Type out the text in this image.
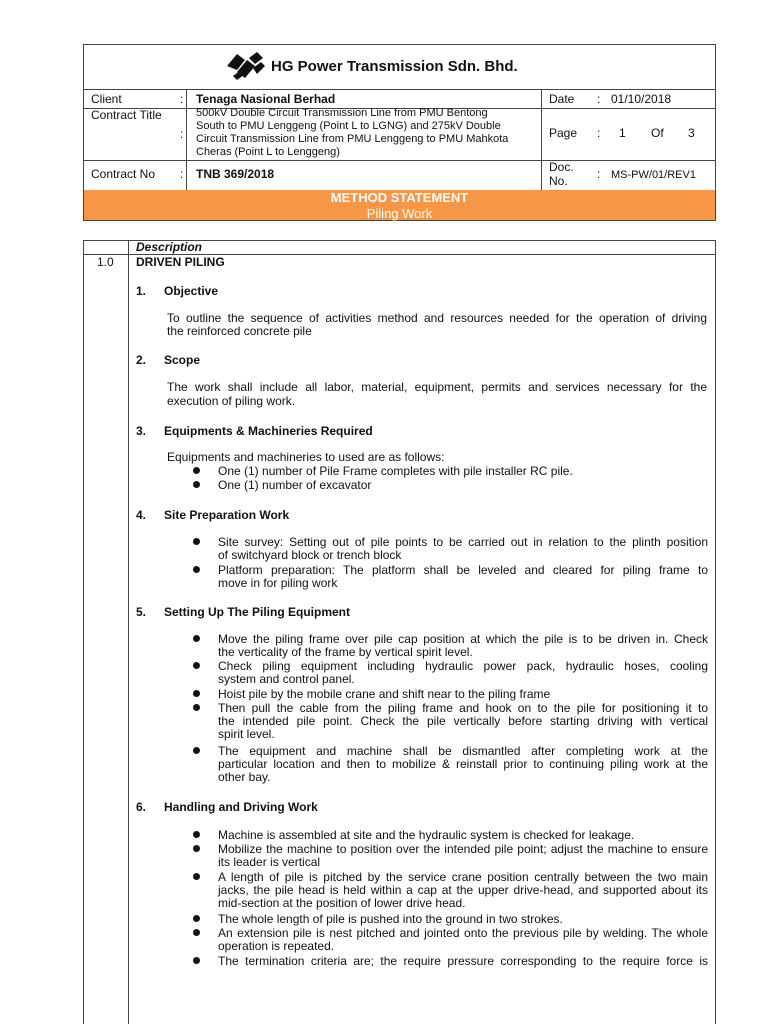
HG Power Transmission Sdn. Bhd.
Client	: Tenaga Nasional Berhad	Date : 01/10/2018
Contract Title
:
500kV Double Circuit Transmission Line from PMU Bentong
South to PMU Lenggeng (Point L to LGNG) and 275kV Double
Circuit Transmission Line from PMU Lenggeng to PMU Mahkota
Cheras (Point L to Lenggeng)
Page : 1 Of 3
Contract No : TNB 369/2018	Doc.
No. : MS-PW/01/REV1
METHOD STATEMENT
Piling Work
Description
1.0 DRIVEN PILING
1. Objective
To outline the sequence of activities method and resources needed for the operation of driving
the reinforced concrete pile
2. Scope
The work shall include all labor, material, equipment, permits and services necessary for the
execution of piling work.
3. Equipments & Machineries Required
Equipments and machineries to used are as follows:
One (1) number of Pile Frame completes with pile installer RC pile.
One (1) number of excavator
4. Site Preparation Work
Site survey: Setting out of pile points to be carried out in relation to the plinth position
of switchyard block or trench block
Platform preparation: The platform shall be leveled and cleared for piling frame to
move in for piling work
5. Setting Up The Piling Equipment
Move the piling frame over pile cap position at which the pile is to be driven in. Check
the verticality of the frame by vertical spirit level.
Check piling equipment including hydraulic power pack, hydraulic hoses, cooling
system and control panel.
Hoist pile by the mobile crane and shift near to the piling frame
Then pull the cable from the piling frame and hook on to the pile for positioning it to
the intended pile point. Check the pile vertically before starting driving with vertical
spirit level.
The equipment and machine shall be dismantled after completing work at the
particular location and then to mobilize & reinstall prior to continuing piling work at the
other bay.
6. Handling and Driving Work
Machine is assembled at site and the hydraulic system is checked for leakage.
Mobilize the machine to position over the intended pile point; adjust the machine to ensure
its leader is vertical
A length of pile is pitched by the service crane position centrally between the two main
jacks, the pile head is held within a cap at the upper drive-head, and supported about its
mid-section at the position of lower drive head.
The whole length of pile is pushed into the ground in two strokes.
An extension pile is nest pitched and jointed onto the previous pile by welding. The whole
operation is repeated.
The termination criteria are; the require pressure corresponding to the require force is
